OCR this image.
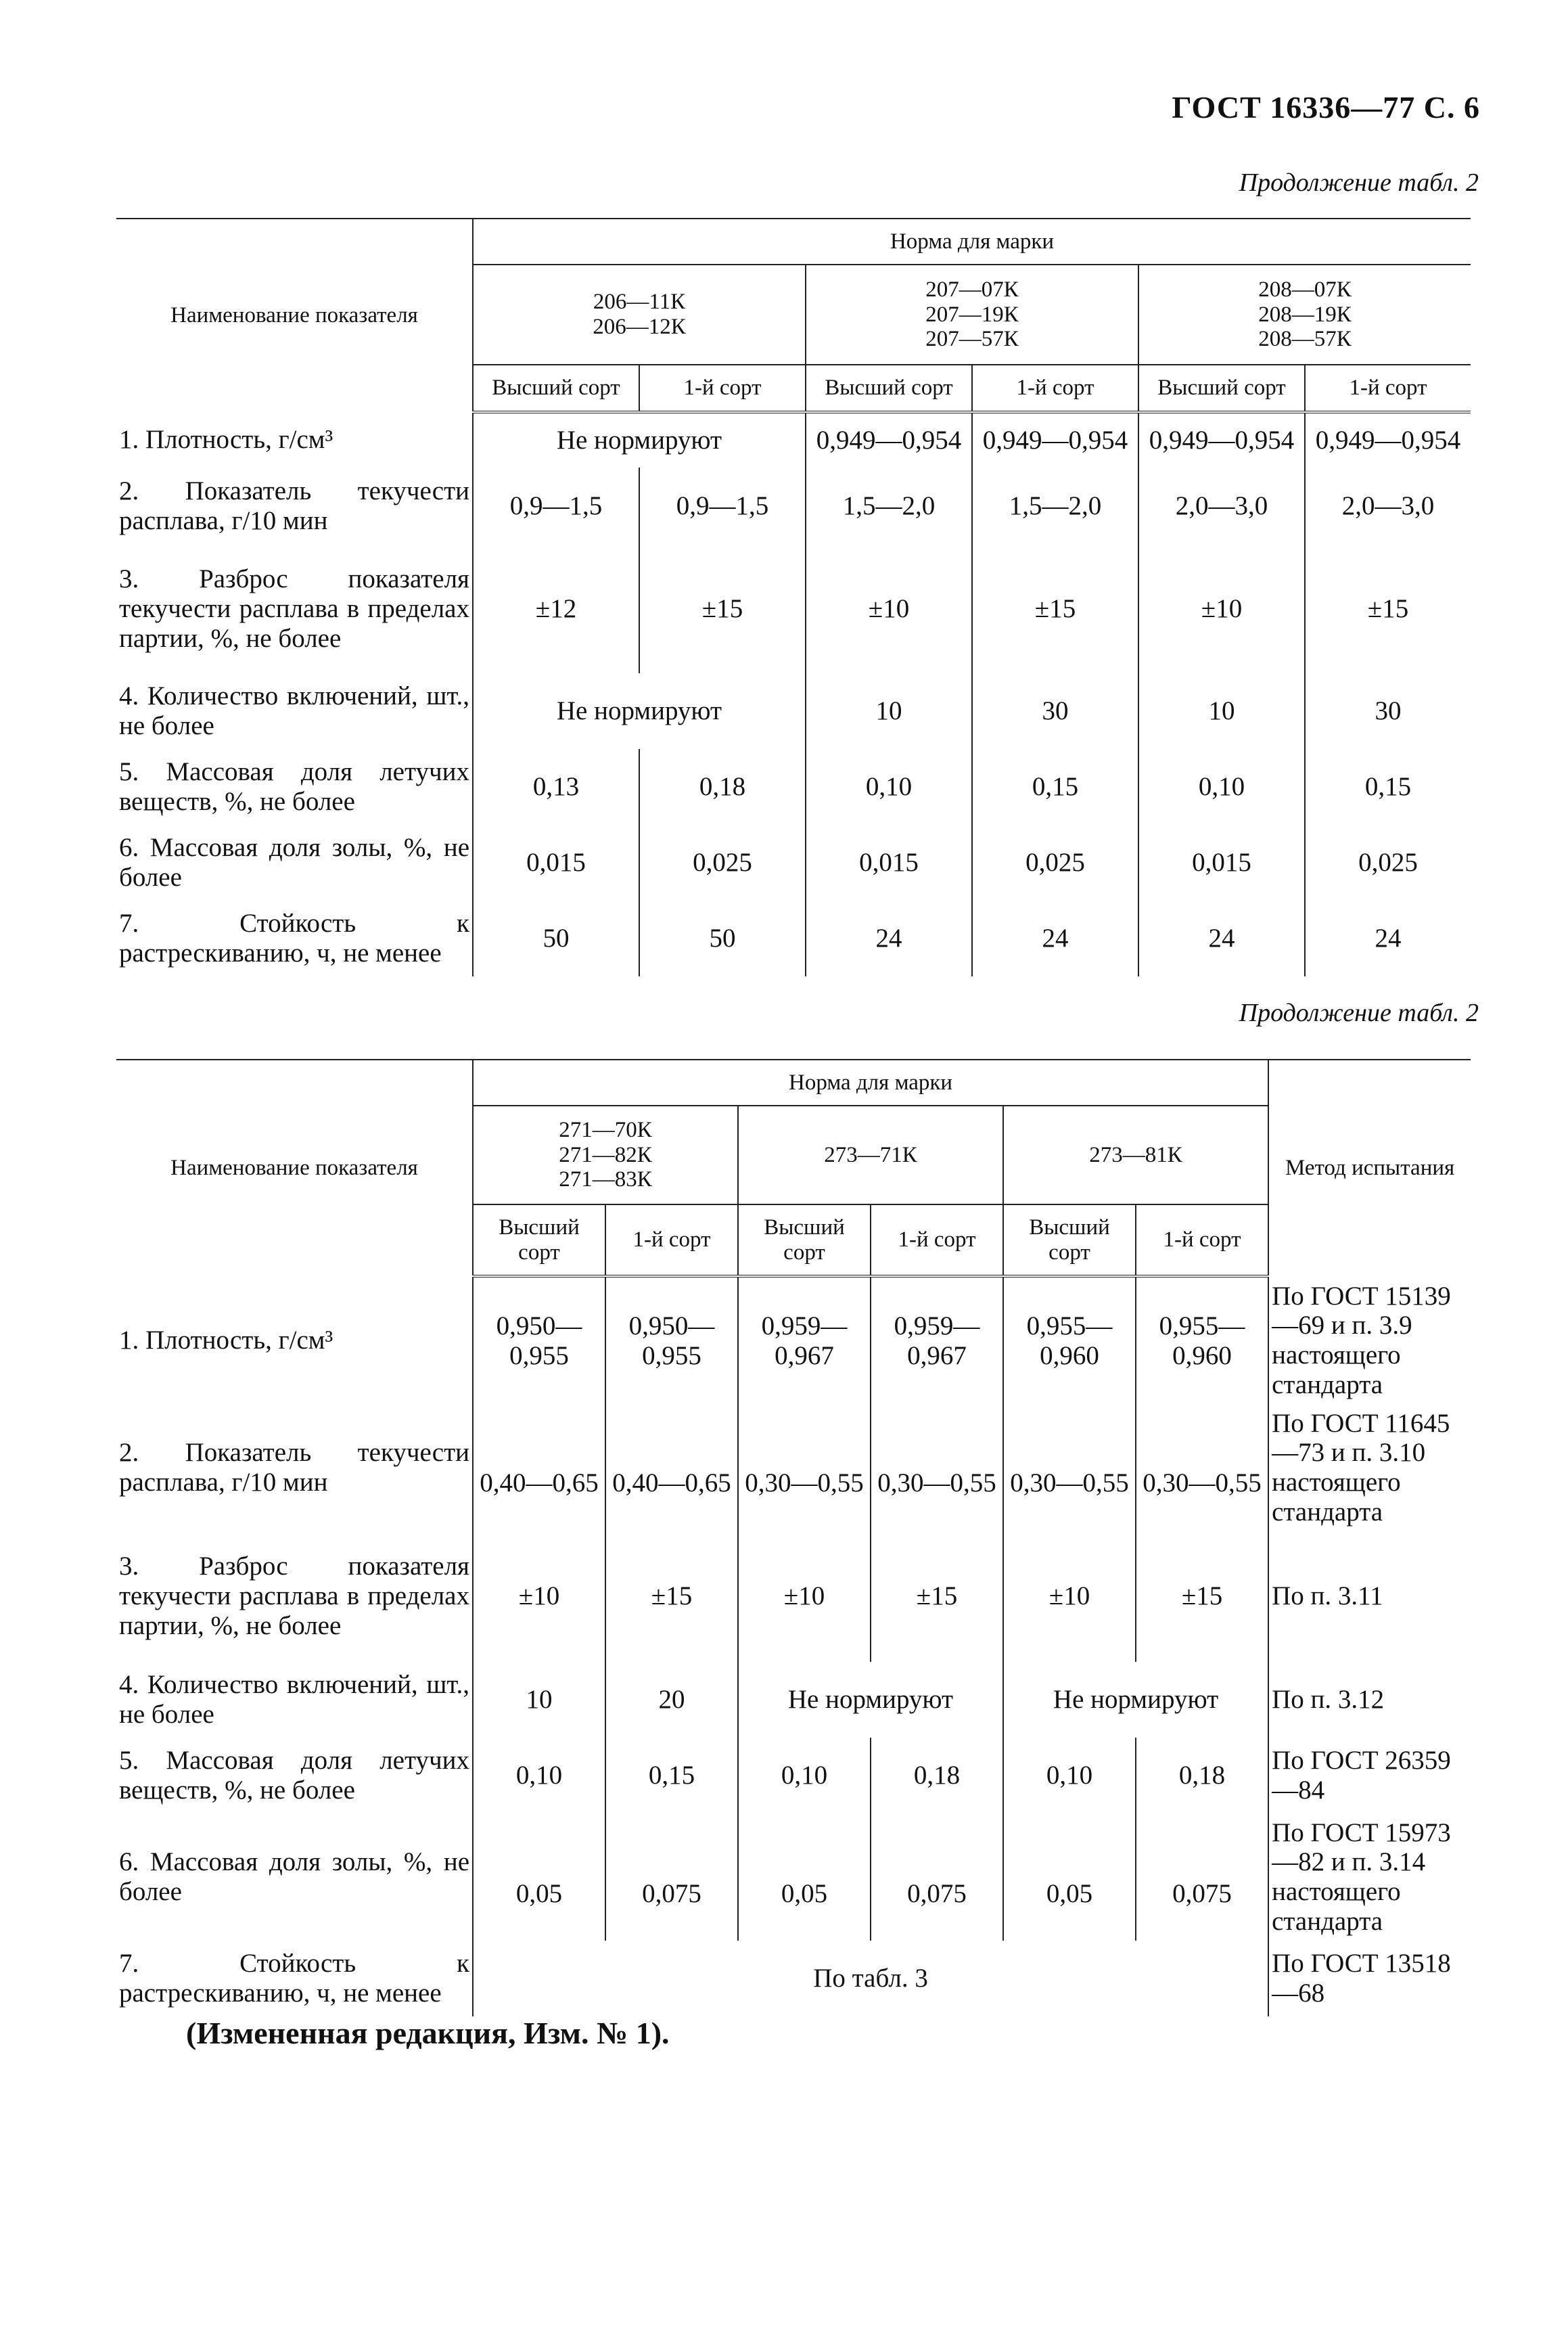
ГОСТ 16336—77 С. 6
Продолжение табл. 2
Наименование показателя	Норма для марки					
	206—11К
206—12К		207—07К
207—19К
207—57К		208—07К
208—19К
208—57К	
	Высший сорт	1-й сорт	Высший сорт	1-й сорт	Высший сорт	1-й сорт
1. Плотность, г/см³	Не нормируют		0,949—0,954	0,949—0,954	0,949—0,954	0,949—0,954
2. Показатель текучести расплава, г/10 мин	0,9—1,5	0,9—1,5	1,5—2,0	1,5—2,0	2,0—3,0	2,0—3,0
3. Разброс показателя текучести расплава в пределах партии, %, не более	±12	±15	±10	±15	±10	±15
4. Количество включений, шт., не более	Не нормируют		10	30	10	30
5. Массовая доля летучих веществ, %, не более	0,13	0,18	0,10	0,15	0,10	0,15
6. Массовая доля золы, %, не более	0,015	0,025	0,015	0,025	0,015	0,025
7. Стойкость к растрескиванию, ч, не менее	50	50	24	24	24	24
Продолжение табл. 2
Наименование показателя	Норма для марки						Метод испытания
	271—70К
271—82К
271—83К		273—71К		273—81К		
	Высший сорт	1-й сорт	Высший сорт	1-й сорт	Высший сорт	1-й сорт	
1. Плотность, г/см³	0,950—
0,955	0,950—
0,955	0,959—
0,967	0,959—
0,967	0,955—
0,960	0,955—
0,960	По ГОСТ 15139—69 и п. 3.9 настоящего стандарта
2. Показатель текучести расплава, г/10 мин	0,40—0,65	0,40—0,65	0,30—0,55	0,30—0,55	0,30—0,55	0,30—0,55	По ГОСТ 11645—73 и п. 3.10 настоящего стандарта
3. Разброс показателя текучести расплава в пределах партии, %, не более	±10	±15	±10	±15	±10	±15	По п. 3.11
4. Количество включений, шт., не более	10	20	Не нормируют		Не нормируют		По п. 3.12
5. Массовая доля летучих веществ, %, не более	0,10	0,15	0,10	0,18	0,10	0,18	По ГОСТ 26359—84
6. Массовая доля золы, %, не более	0,05	0,075	0,05	0,075	0,05	0,075	По ГОСТ 15973—82 и п. 3.14 настоящего стандарта
7. Стойкость к растрескиванию, ч, не менее	По табл. 3						По ГОСТ 13518—68
(Измененная редакция, Изм. № 1).
